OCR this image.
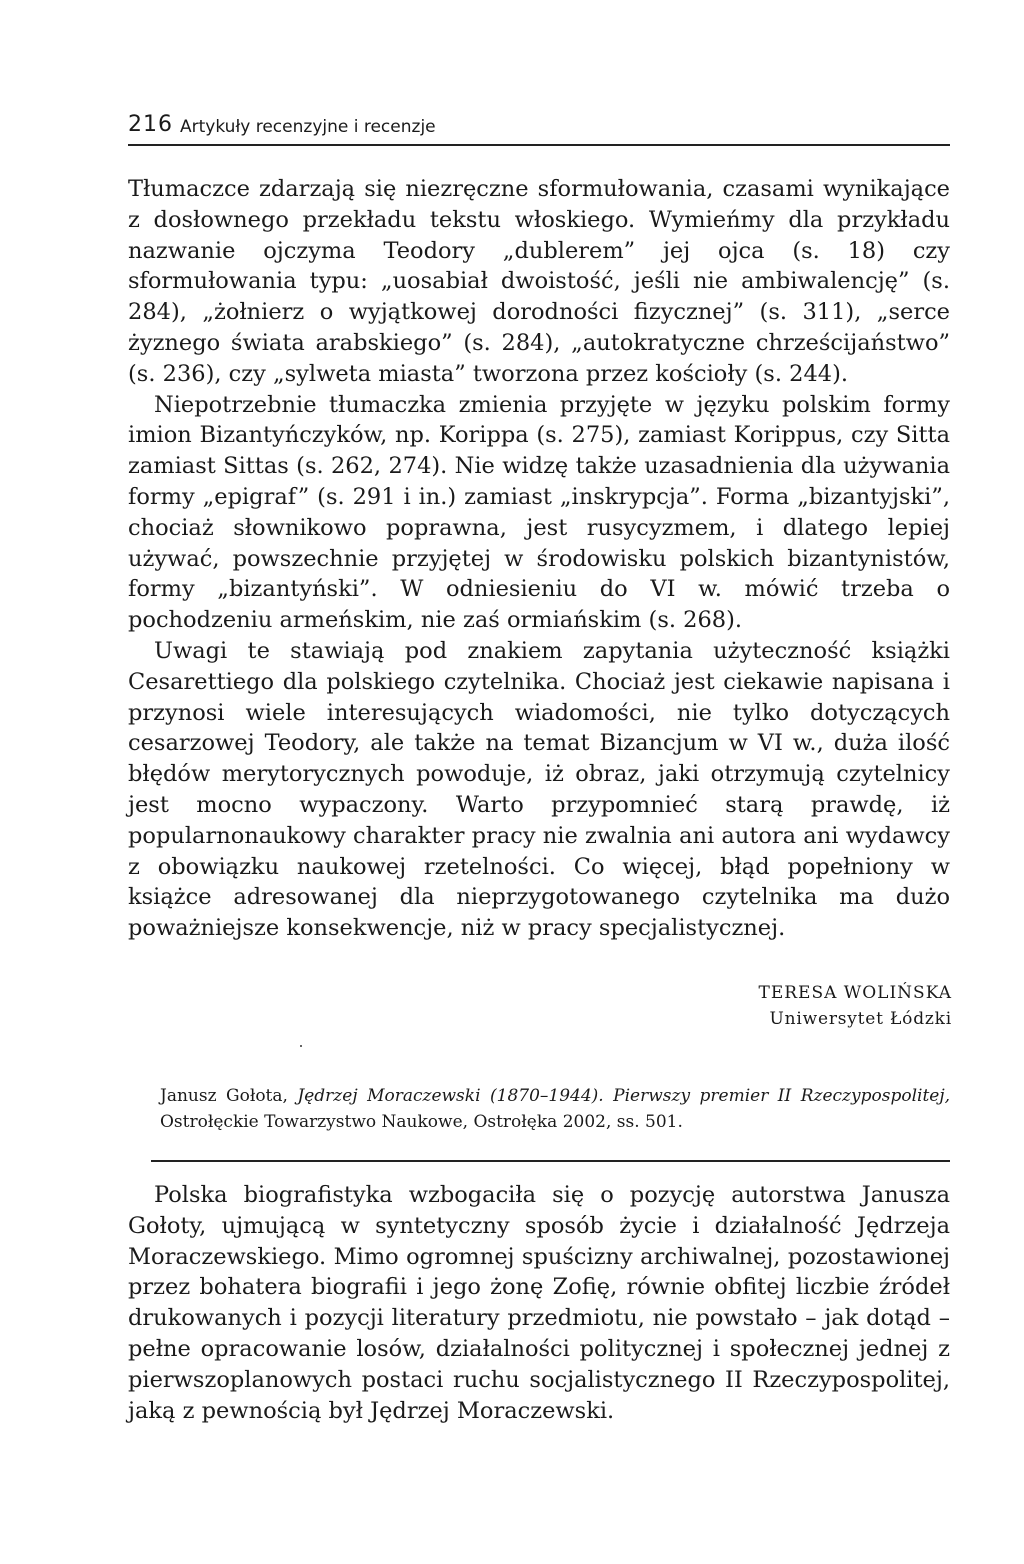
216 Artykuły recenzyjne i recenzje

Tłumaczce zdarzają się niezręczne sformułowania, czasami wynikające z dosłownego przekładu tekstu włoskiego. Wymieńmy dla przykładu nazwanie ojczyma Teodory „dublerem” jej ojca (s. 18) czy sformułowania typu: „uosabiał dwoistość, jeśli nie ambiwalencję” (s. 284), „żołnierz o wyjątkowej dorodności fizycznej” (s. 311), „serce żyznego świata arabskiego” (s. 284), „autokratyczne chrześcijaństwo” (s. 236), czy „sylweta miasta” tworzona przez kościoły (s. 244).

Niepotrzebnie tłumaczka zmienia przyjęte w języku polskim formy imion Bizantyńczyków, np. Korippa (s. 275), zamiast Korippus, czy Sitta zamiast Sittas (s. 262, 274). Nie widzę także uzasadnienia dla używania formy „epigraf” (s. 291 i in.) zamiast „inskrypcja”. Forma „bizantyjski”, chociaż słownikowo poprawna, jest rusycyzmem, i dlatego lepiej używać, powszechnie przyjętej w środowisku polskich bizantynistów, formy „bizantyński”. W odniesieniu do VI w. mówić trzeba o pochodzeniu armeńskim, nie zaś ormiańskim (s. 268).

Uwagi te stawiają pod znakiem zapytania użyteczność książki Cesarettiego dla polskiego czytelnika. Chociaż jest ciekawie napisana i przynosi wiele interesujących wiadomości, nie tylko dotyczących cesarzowej Teodory, ale także na temat Bizancjum w VI w., duża ilość błędów merytorycznych powoduje, iż obraz, jaki otrzymują czytelnicy jest mocno wypaczony. Warto przypomnieć starą prawdę, iż popularnonaukowy charakter pracy nie zwalnia ani autora ani wydawcy z obowiązku naukowej rzetelności. Co więcej, błąd popełniony w książce adresowanej dla nieprzygotowanego czytelnika ma dużo poważniejsze konsekwencje, niż w pracy specjalistycznej.

TERESA WOLIŃSKA
Uniwersytet Łódzki
Janusz Gołota, Jędrzej Moraczewski (1870–1944). Pierwszy premier II Rzeczypospolitej, Ostrołęckie Towarzystwo Naukowe, Ostrołęka 2002, ss. 501.

Polska biografistyka wzbogaciła się o pozycję autorstwa Janusza Gołoty, ujmującą w syntetyczny sposób życie i działalność Jędrzeja Moraczewskiego. Mimo ogromnej spuścizny archiwalnej, pozostawionej przez bohatera biografii i jego żonę Zofię, równie obfitej liczbie źródeł drukowanych i pozycji literatury przedmiotu, nie powstało – jak dotąd – pełne opracowanie losów, działalności politycznej i społecznej jednej z pierwszoplanowych postaci ruchu socjalistycznego II Rzeczypospolitej, jaką z pewnością był Jędrzej Moraczewski.
